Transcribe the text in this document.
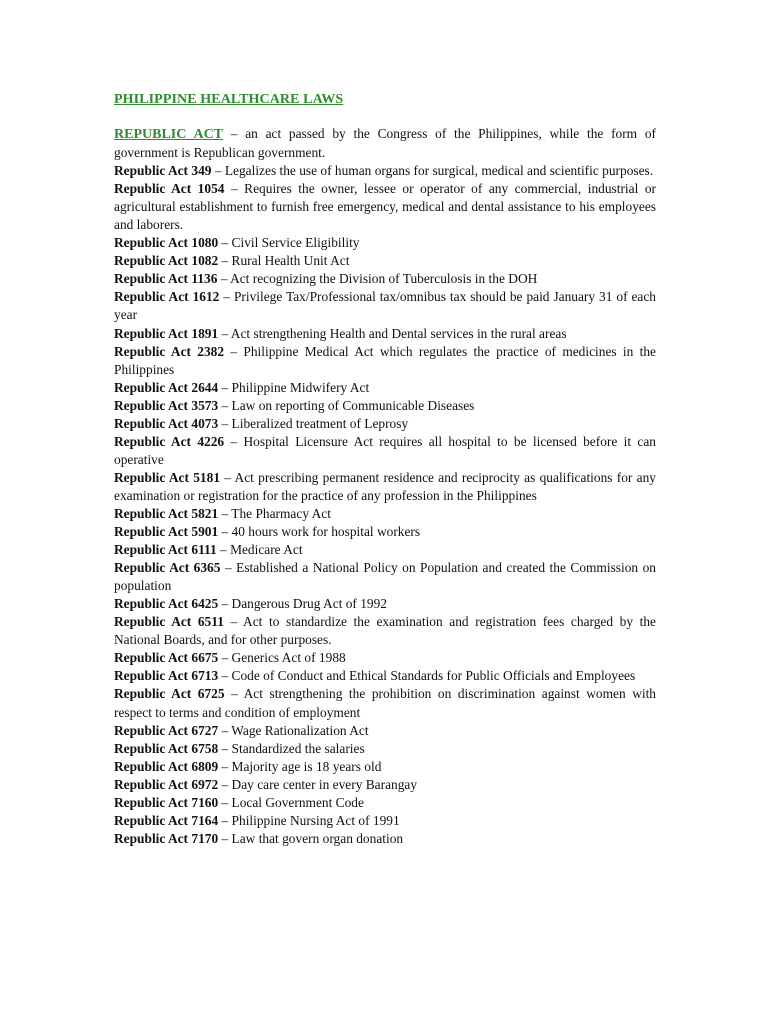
PHILIPPINE HEALTHCARE LAWS

REPUBLIC ACT – an act passed by the Congress of the Philippines, while the form of government is Republican government.

Republic Act 349 – Legalizes the use of human organs for surgical, medical and scientific purposes.

Republic Act 1054 – Requires the owner, lessee or operator of any commercial, industrial or agricultural establishment to furnish free emergency, medical and dental assistance to his employees and laborers.

Republic Act 1080 – Civil Service Eligibility

Republic Act 1082 – Rural Health Unit Act

Republic Act 1136 – Act recognizing the Division of Tuberculosis in the DOH

Republic Act 1612 – Privilege Tax/Professional tax/omnibus tax should be paid January 31 of each year

Republic Act 1891 – Act strengthening Health and Dental services in the rural areas

Republic Act 2382 – Philippine Medical Act which regulates the practice of medicines in the Philippines

Republic Act 2644 – Philippine Midwifery Act

Republic Act 3573 – Law on reporting of Communicable Diseases

Republic Act 4073 – Liberalized treatment of Leprosy

Republic Act 4226 – Hospital Licensure Act requires all hospital to be licensed before it can operative

Republic Act 5181 – Act prescribing permanent residence and reciprocity as qualifications for any examination or registration for the practice of any profession in the Philippines

Republic Act 5821 – The Pharmacy Act

Republic Act 5901 – 40 hours work for hospital workers

Republic Act 6111 – Medicare Act

Republic Act 6365 – Established a National Policy on Population and created the Commission on population

Republic Act 6425 – Dangerous Drug Act of 1992

Republic Act 6511 – Act to standardize the examination and registration fees charged by the National Boards, and for other purposes.

Republic Act 6675 – Generics Act of 1988

Republic Act 6713 – Code of Conduct and Ethical Standards for Public Officials and Employees

Republic Act 6725 – Act strengthening the prohibition on discrimination against women with respect to terms and condition of employment

Republic Act 6727 – Wage Rationalization Act

Republic Act 6758 – Standardized the salaries

Republic Act 6809 – Majority age is 18 years old

Republic Act 6972 – Day care center in every Barangay

Republic Act 7160 – Local Government Code

Republic Act 7164 – Philippine Nursing Act of 1991

Republic Act 7170 – Law that govern organ donation
